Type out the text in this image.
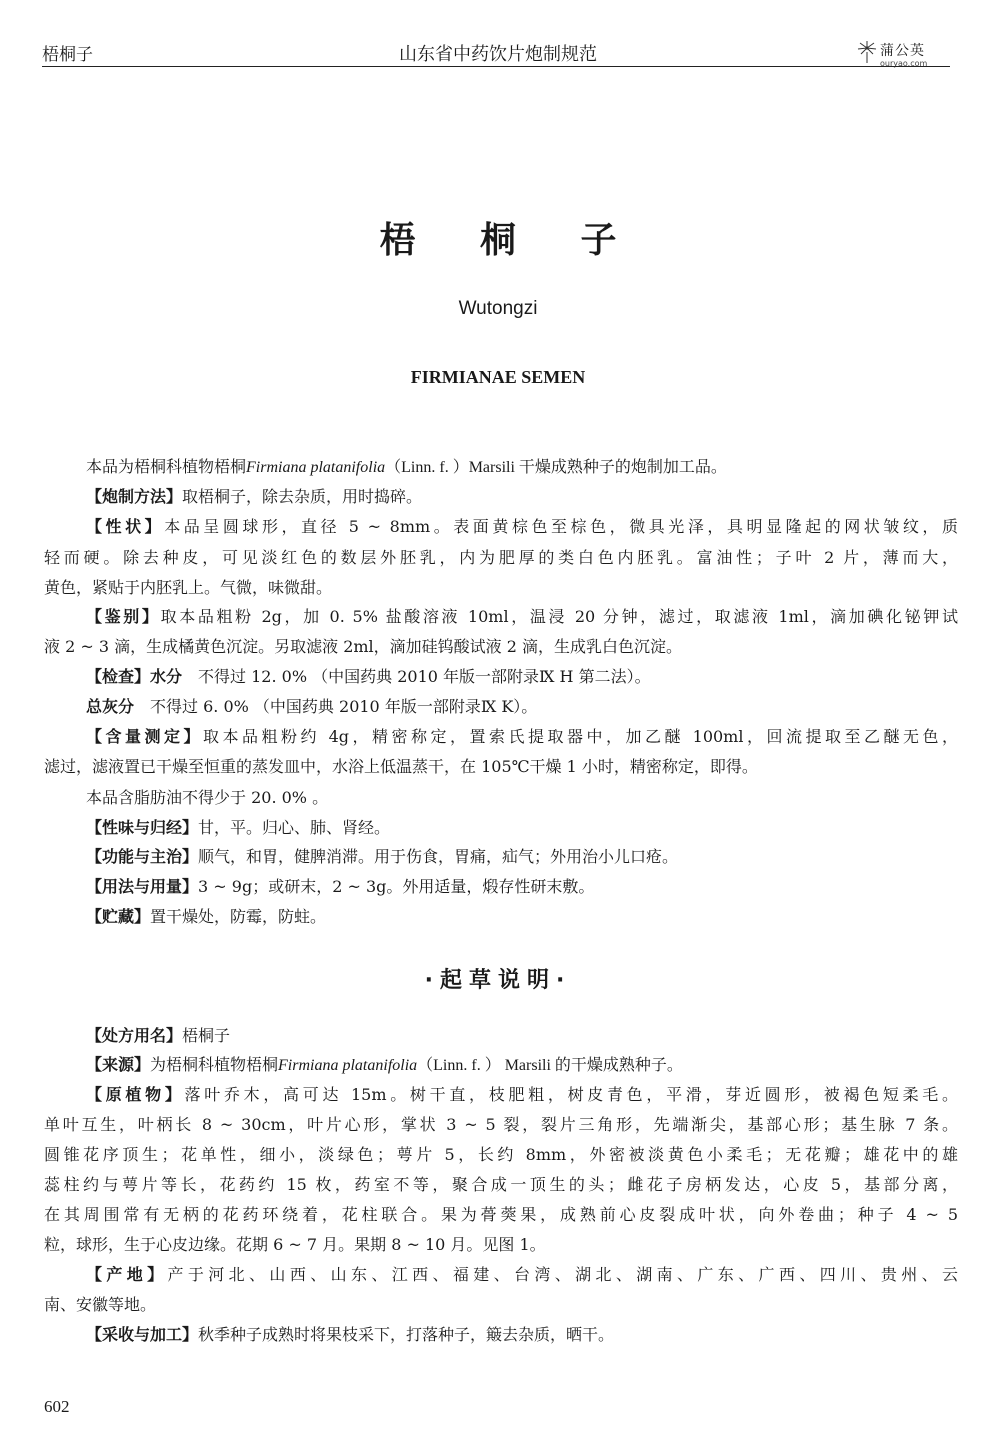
梧桐子	山东省中药饮片炮制规范	蒲公英
ouryao.com
梧 桐 子
Wutongzi
FIRMIANAE SEMEN
本品为梧桐科植物梧桐Firmiana platanifolia（Linn. f. ）Marsili 干燥成熟种子的炮制加工品。
【炮制方法】取梧桐子，除去杂质，用时捣碎。
【性状】本品呈圆球形，直径 5 ~ 8mm。表面黄棕色至棕色，微具光泽，具明显隆起的网状皱纹，质
轻而硬。除去种皮，可见淡红色的数层外胚乳，内为肥厚的类白色内胚乳。富油性；子叶 2 片，薄而大，
黄色，紧贴于内胚乳上。气微，味微甜。
【鉴别】取本品粗粉 2g，加 0. 5% 盐酸溶液 10ml，温浸 20 分钟，滤过，取滤液 1ml，滴加碘化铋钾试
液 2 ~ 3 滴，生成橘黄色沉淀。另取滤液 2ml，滴加硅钨酸试液 2 滴，生成乳白色沉淀。
【检查】水分　不得过 12. 0% （中国药典 2010 年版一部附录Ⅸ H 第二法）。
总灰分　不得过 6. 0% （中国药典 2010 年版一部附录Ⅸ K）。
【含量测定】取本品粗粉约 4g，精密称定，置索氏提取器中，加乙醚 100ml，回流提取至乙醚无色，
滤过，滤液置已干燥至恒重的蒸发皿中，水浴上低温蒸干，在 105℃干燥 1 小时，精密称定，即得。
本品含脂肪油不得少于 20. 0% 。
【性味与归经】甘，平。归心、肺、肾经。
【功能与主治】顺气，和胃，健脾消滞。用于伤食，胃痛，疝气；外用治小儿口疮。
【用法与用量】3 ~ 9g；或研末，2 ~ 3g。外用适量，煅存性研末敷。
【贮藏】置干燥处，防霉，防蛀。
·起草说明·
【处方用名】梧桐子
【来源】为梧桐科植物梧桐Firmiana platanifolia（Linn. f. ） Marsili 的干燥成熟种子。
【原植物】落叶乔木，高可达 15m。树干直，枝肥粗，树皮青色，平滑，芽近圆形，被褐色短柔毛。
单叶互生，叶柄长 8 ~ 30cm，叶片心形，掌状 3 ~ 5 裂，裂片三角形，先端渐尖，基部心形；基生脉 7 条。
圆锥花序顶生；花单性，细小，淡绿色；萼片 5，长约 8mm，外密被淡黄色小柔毛；无花瓣；雄花中的雄
蕊柱约与萼片等长，花药约 15 枚，药室不等，聚合成一顶生的头；雌花子房柄发达，心皮 5，基部分离，
在其周围常有无柄的花药环绕着，花柱联合。果为蓇葖果，成熟前心皮裂成叶状，向外卷曲；种子 4 ~ 5
粒，球形，生于心皮边缘。花期 6 ~ 7 月。果期 8 ~ 10 月。见图 1。
【产地】产于河北、山西、山东、江西、福建、台湾、湖北、湖南、广东、广西、四川、贵州、云
南、安徽等地。
【采收与加工】秋季种子成熟时将果枝采下，打落种子，簸去杂质，晒干。
602
